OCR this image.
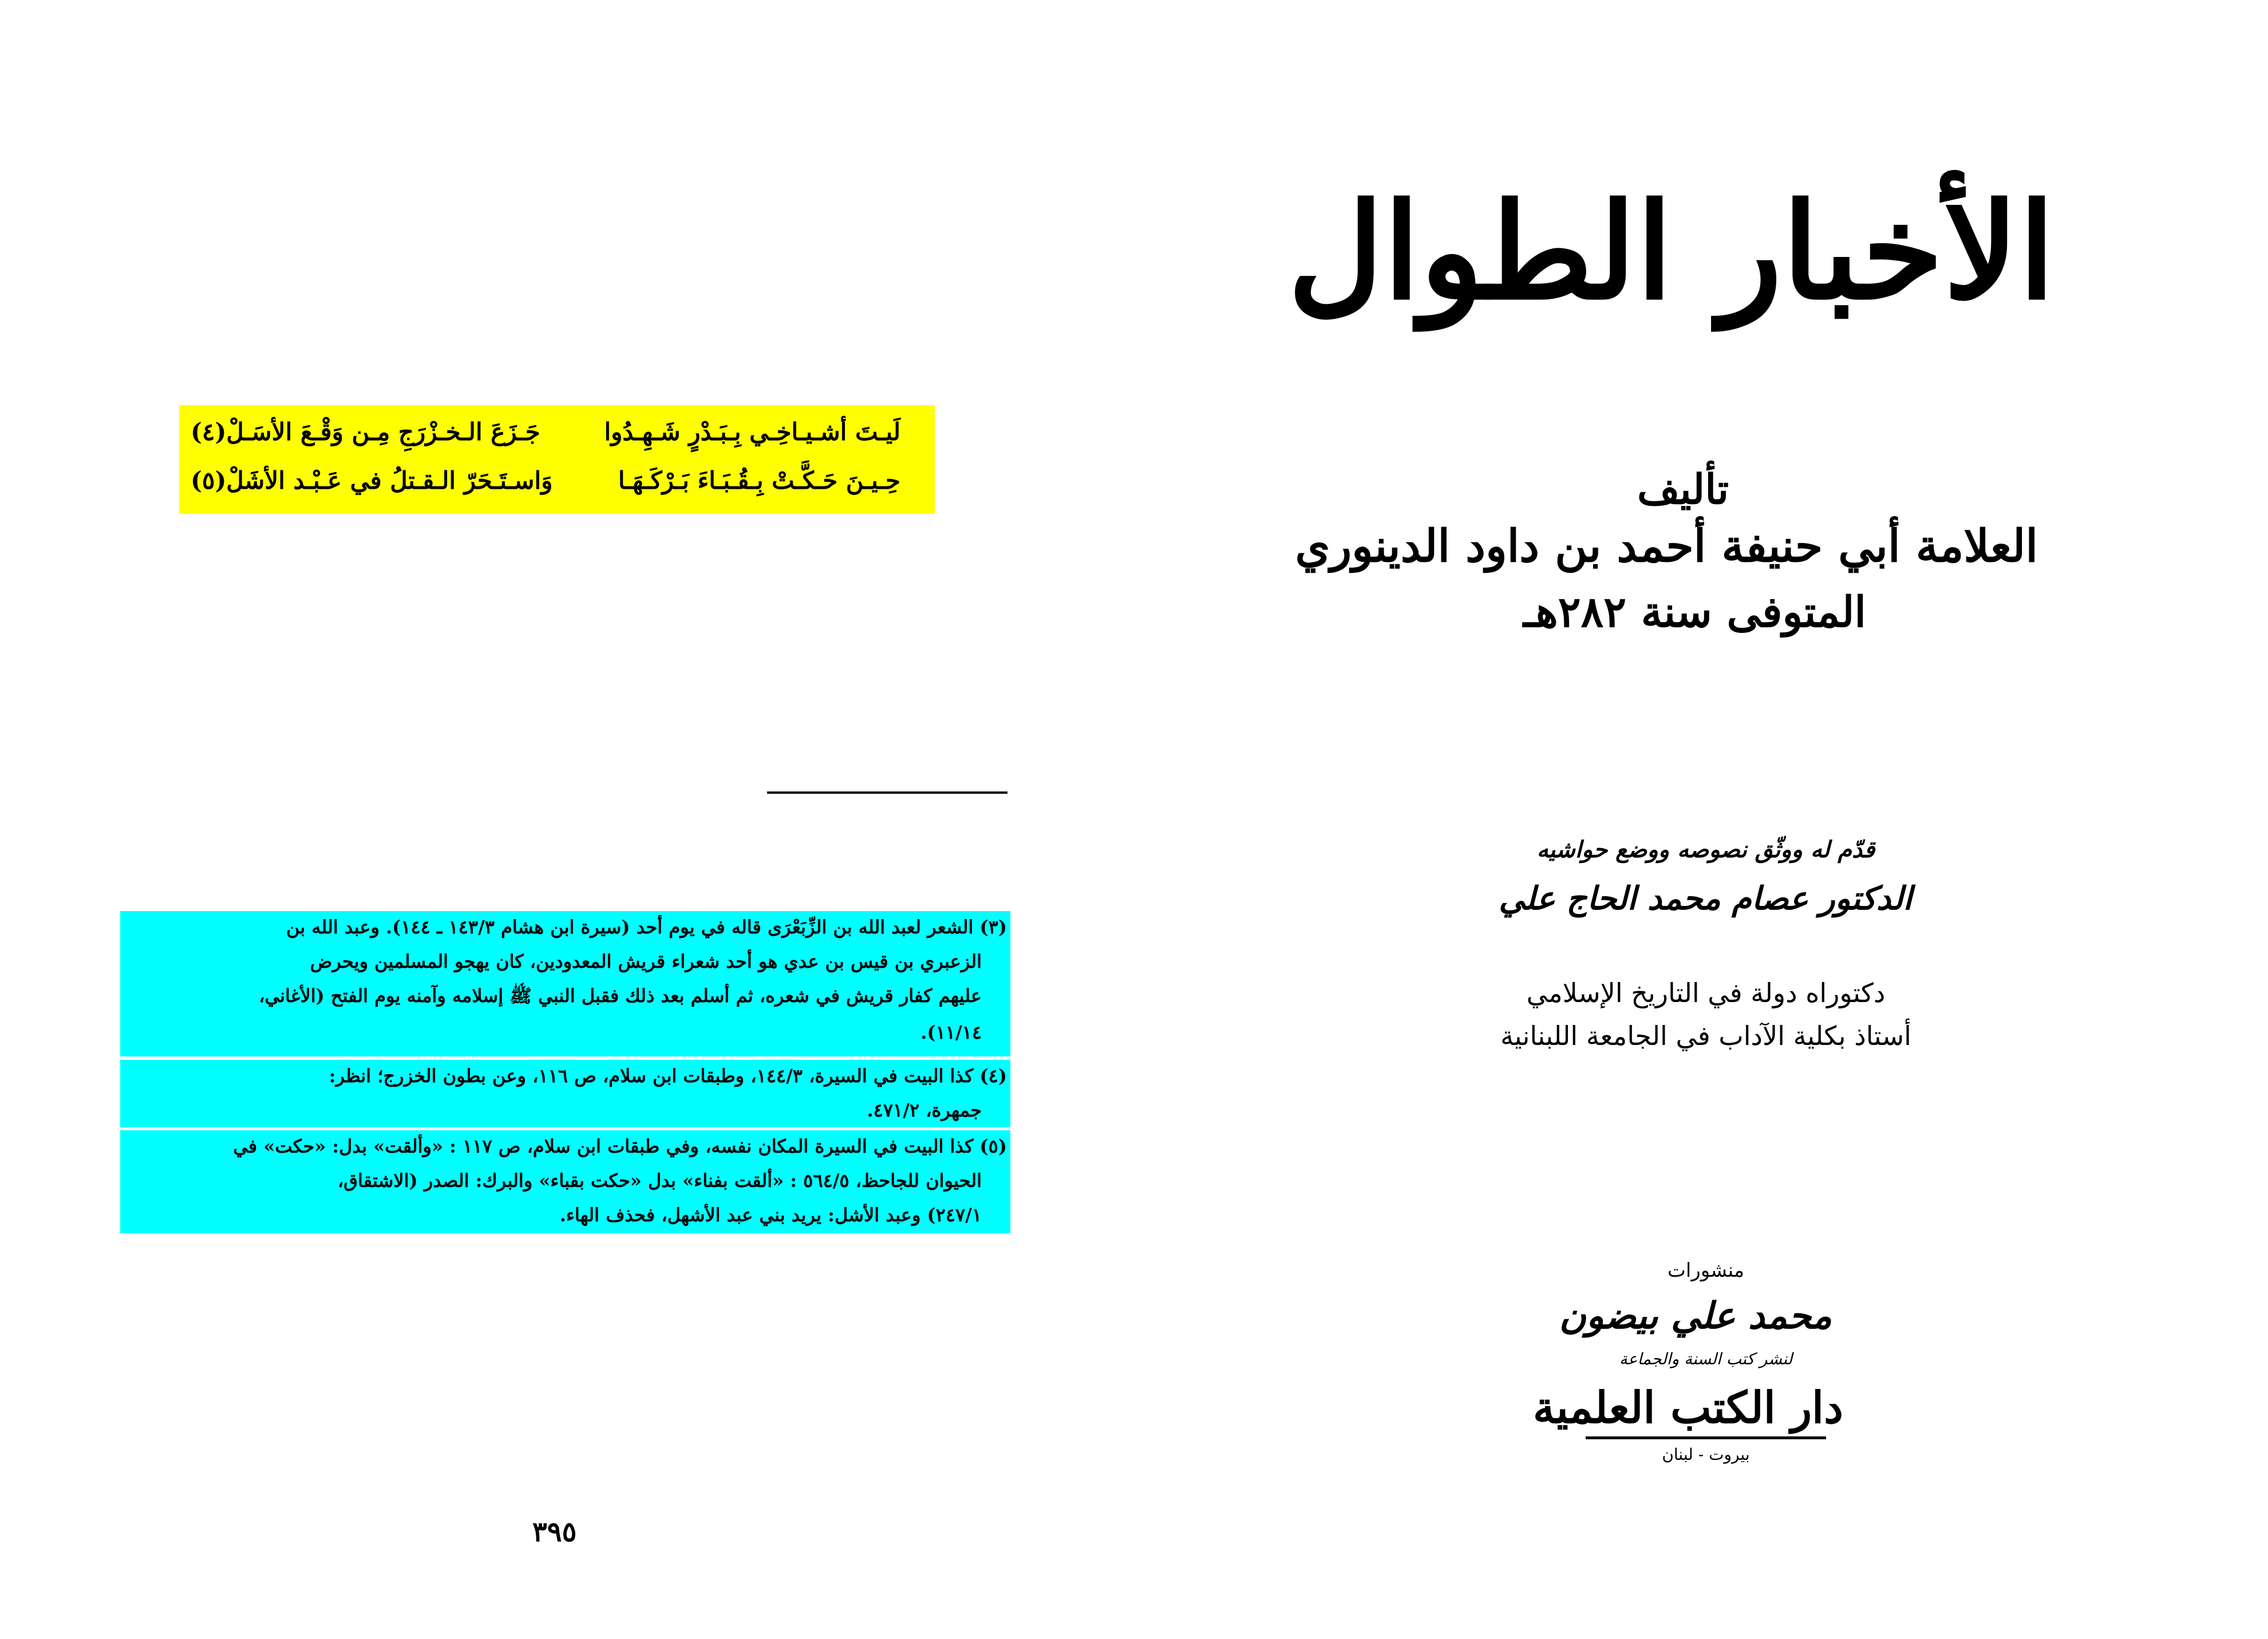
لَيـتَ أشـيـاخِـي بِـبَـدْرٍ شَـهِـدُوا
جَـزَعَ الـخـزْرَجِ مِـن وَقْـعَ الأسَـلْ(٤)
حِـيـنَ حَـكَّـتْ بِـقُـبَـاءَ بَـرْكَـهَـا
وَاسـتَـحَرّ الـقـتلُ في عَـبْـد الأشَلْ(٥)
(٣) الشعر لعبد الله بن الزِّبَعْرَى قاله في يوم أحد (سيرة ابن هشام ١٤٣/٣ ـ ١٤٤). وعبد الله بن
الزعبري بن قيس بن عدي هو أحد شعراء قريش المعدودين، كان يهجو المسلمين ويحرض
عليهم كفار قريش في شعره، ثم أسلم بعد ذلك فقبل النبي ﷺ إسلامه وآمنه يوم الفتح (الأغاني،
١١/١٤).
(٤) كذا البيت في السيرة، ١٤٤/٣، وطبقات ابن سلام، ص ١١٦، وعن بطون الخزرج؛ انظر:
جمهرة، ٤٧١/٢.
(٥) كذا البيت في السيرة المكان نفسه، وفي طبقات ابن سلام، ص ١١٧ : «وألقت» بدل: «حكت» في
الحيوان للجاحظ، ٥٦٤/٥ : «ألقت بفناء» بدل «حكت بقباء» والبرك: الصدر (الاشتقاق،
٢٤٧/١) وعبد الأشل: يريد بني عبد الأشهل، فحذف الهاء.
٣٩٥
الأخبار الطوال
تأليف
العلامة أبي حنيفة أحمد بن داود الدينوري
المتوفى سنة ٢٨٢هـ
قدّم له ووثّق نصوصه ووضع حواشيه
الدكتور عصام محمد الحاج علي
دكتوراه دولة في التاريخ الإسلامي
أستاذ بكلية الآداب في الجامعة اللبنانية
منشورات
محمد علي بيضون
لنشر كتب السنة والجماعة
دار الكتب العلمية
بيروت - لبنان
